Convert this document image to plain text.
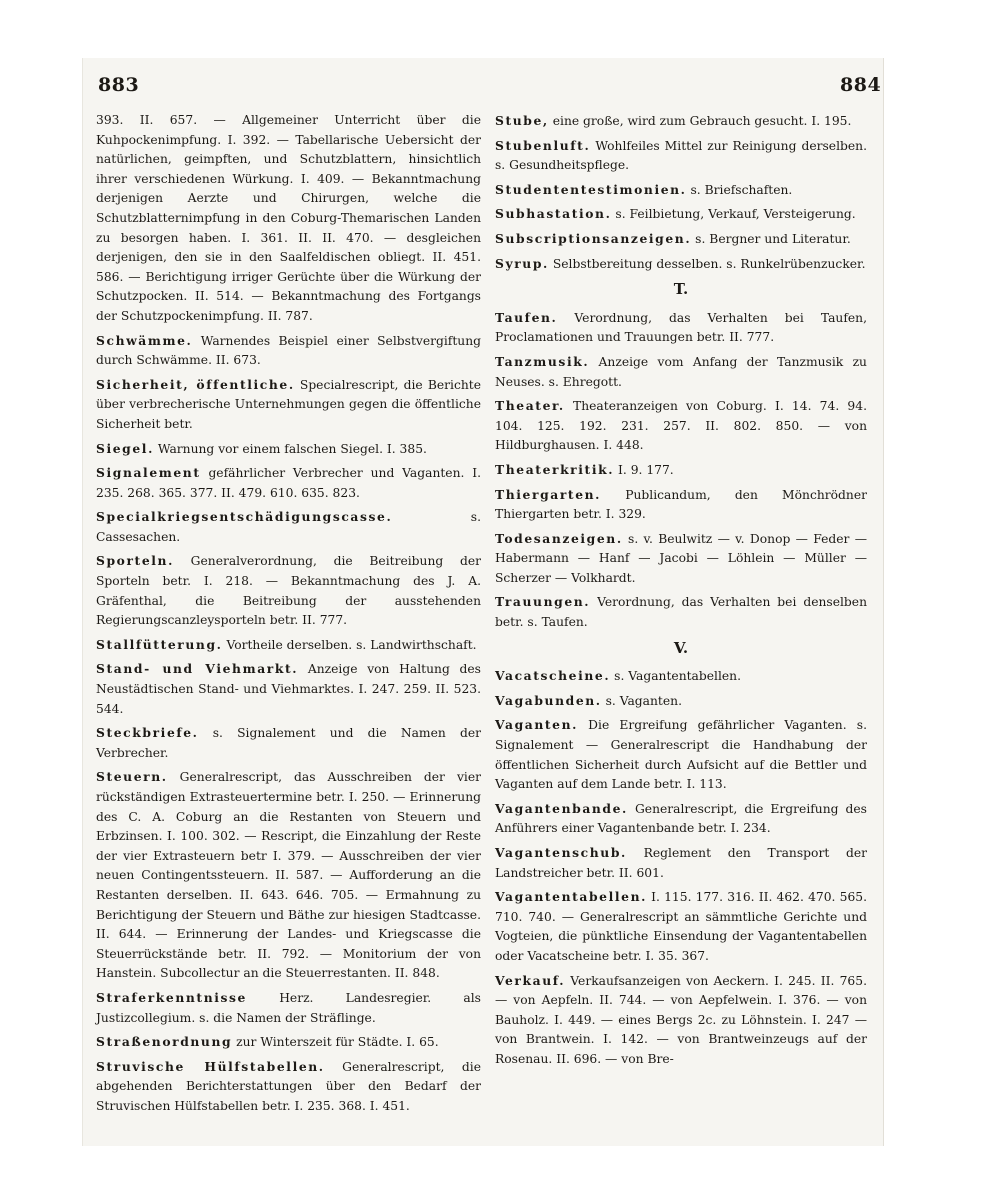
883	884

393. II. 657. — Allgemeiner Unterricht über die Kuhpockenimpfung. I. 392. — Tabellarische Uebersicht der natürlichen, geimpften, und Schutzblattern, hinsichtlich ihrer verschiedenen Würkung. I. 409. — Bekanntmachung derjenigen Aerzte und Chirurgen, welche die Schutzblatternimpfung in den Coburg-Themarischen Landen zu besorgen haben. I. 361. II. II. 470. — desgleichen derjenigen, den sie in den Saalfeldischen obliegt. II. 451. 586. — Berichtigung irriger Gerüchte über die Würkung der Schutzpocken. II. 514. — Bekanntmachung des Fortgangs der Schutzpockenimpfung. II. 787.

Schwämme. Warnendes Beispiel einer Selbstvergiftung durch Schwämme. II. 673.

Sicherheit, öffentliche. Specialrescript, die Berichte über verbrecherische Unternehmungen gegen die öffentliche Sicherheit betr.

Siegel. Warnung vor einem falschen Siegel. I. 385.

Signalement gefährlicher Verbrecher und Vaganten. I. 235. 268. 365. 377. II. 479. 610. 635. 823.

Specialkriegsentschädigungscasse.	s. Cassesachen.

Sporteln. Generalverordnung, die Beitreibung der Sporteln betr. I. 218. — Bekanntmachung des J. A. Gräfenthal, die Beitreibung der ausstehenden Regierungscanzleysporteln betr. II. 777.

Stallfütterung. Vortheile derselben. s. Landwirthschaft.

Stand- und Viehmarkt. Anzeige von Haltung des Neustädtischen Stand- und Viehmarktes. I. 247. 259. II. 523. 544.

Steckbriefe. s. Signalement und die Namen der Verbrecher.

Steuern. Generalrescript, das Ausschreiben der vier rückständigen Extrasteuertermine betr. I. 250. — Erinnerung des C. A. Coburg an die Restanten von Steuern und Erbzinsen. I. 100. 302. — Rescript, die Einzahlung der Reste der vier Extrasteuern betr I. 379. — Ausschreiben der vier neuen Contingentssteuern. II. 587. — Aufforderung an die Restanten derselben. II. 643. 646. 705. — Ermahnung zu Berichtigung der Steuern und Bäthe zur hiesigen Stadtcasse. II. 644. — Erinnerung der Landes- und Kriegscasse die Steuerrückstände betr. II. 792. — Monitorium der von Hanstein. Subcollectur an die Steuerrestanten. II. 848.

Straferkenntnisse	Herz. Landesregier. als Justizcollegium. s. die Namen der Sträflinge.

Straßenordnung zur Winterszeit für Städte. I. 65.

Struvische Hülfstabellen. Generalrescript, die abgehenden Berichterstattungen über den Bedarf der Struvischen Hülfstabellen betr. I. 235. 368. I. 451.

Stube, eine große, wird zum Gebrauch gesucht. I. 195.

Stubenluft. Wohlfeiles Mittel zur Reinigung derselben. s. Gesundheitspflege.

Studententestimonien. s. Briefschaften.

Subhastation. s. Feilbietung, Verkauf, Versteigerung.

Subscriptionsanzeigen. s. Bergner und Literatur.

Syrup. Selbstbereitung desselben. s. Runkelrübenzucker.

T.

Taufen. Verordnung, das Verhalten bei Taufen, Proclamationen und Trauungen betr. II. 777.

Tanzmusik. Anzeige vom Anfang der Tanzmusik zu Neuses. s. Ehregott.

Theater. Theateranzeigen von Coburg. I. 14. 74. 94. 104. 125. 192. 231. 257. II. 802. 850. — von Hildburghausen. I. 448.

Theaterkritik. I. 9. 177.

Thiergarten. Publicandum, den Mönchrödner Thiergarten betr. I. 329.

Todesanzeigen. s. v. Beulwitz — v. Donop — Feder — Habermann — Hanf — Jacobi — Löhlein — Müller — Scherzer — Volkhardt.

Trauungen. Verordnung, das Verhalten bei denselben betr. s. Taufen.

V.

Vacatscheine. s. Vagantentabellen.

Vagabunden. s. Vaganten.

Vaganten. Die Ergreifung gefährlicher Vaganten. s. Signalement — Generalrescript die Handhabung der öffentlichen Sicherheit durch Aufsicht auf die Bettler und Vaganten auf dem Lande betr. I. 113.

Vagantenbande. Generalrescript, die Ergreifung des Anführers einer Vagantenbande betr. I. 234.

Vagantenschub. Reglement den Transport der Landstreicher betr. II. 601.

Vagantentabellen. I. 115. 177. 316. II. 462. 470. 565. 710. 740. — Generalrescript an sämmtliche Gerichte und Vogteien, die pünktliche Einsendung der Vagantentabellen oder Vacatscheine betr. I. 35. 367.

Verkauf. Verkaufsanzeigen von Aeckern. I. 245. II. 765. — von Aepfeln. II. 744. — von Aepfelwein. I. 376. — von Bauholz. I. 449. — eines Bergs 2c. zu Löhnstein. I. 247 — von Brantwein. I. 142. — von Brantweinzeugs auf der Rosenau. II. 696. — von Bre-
